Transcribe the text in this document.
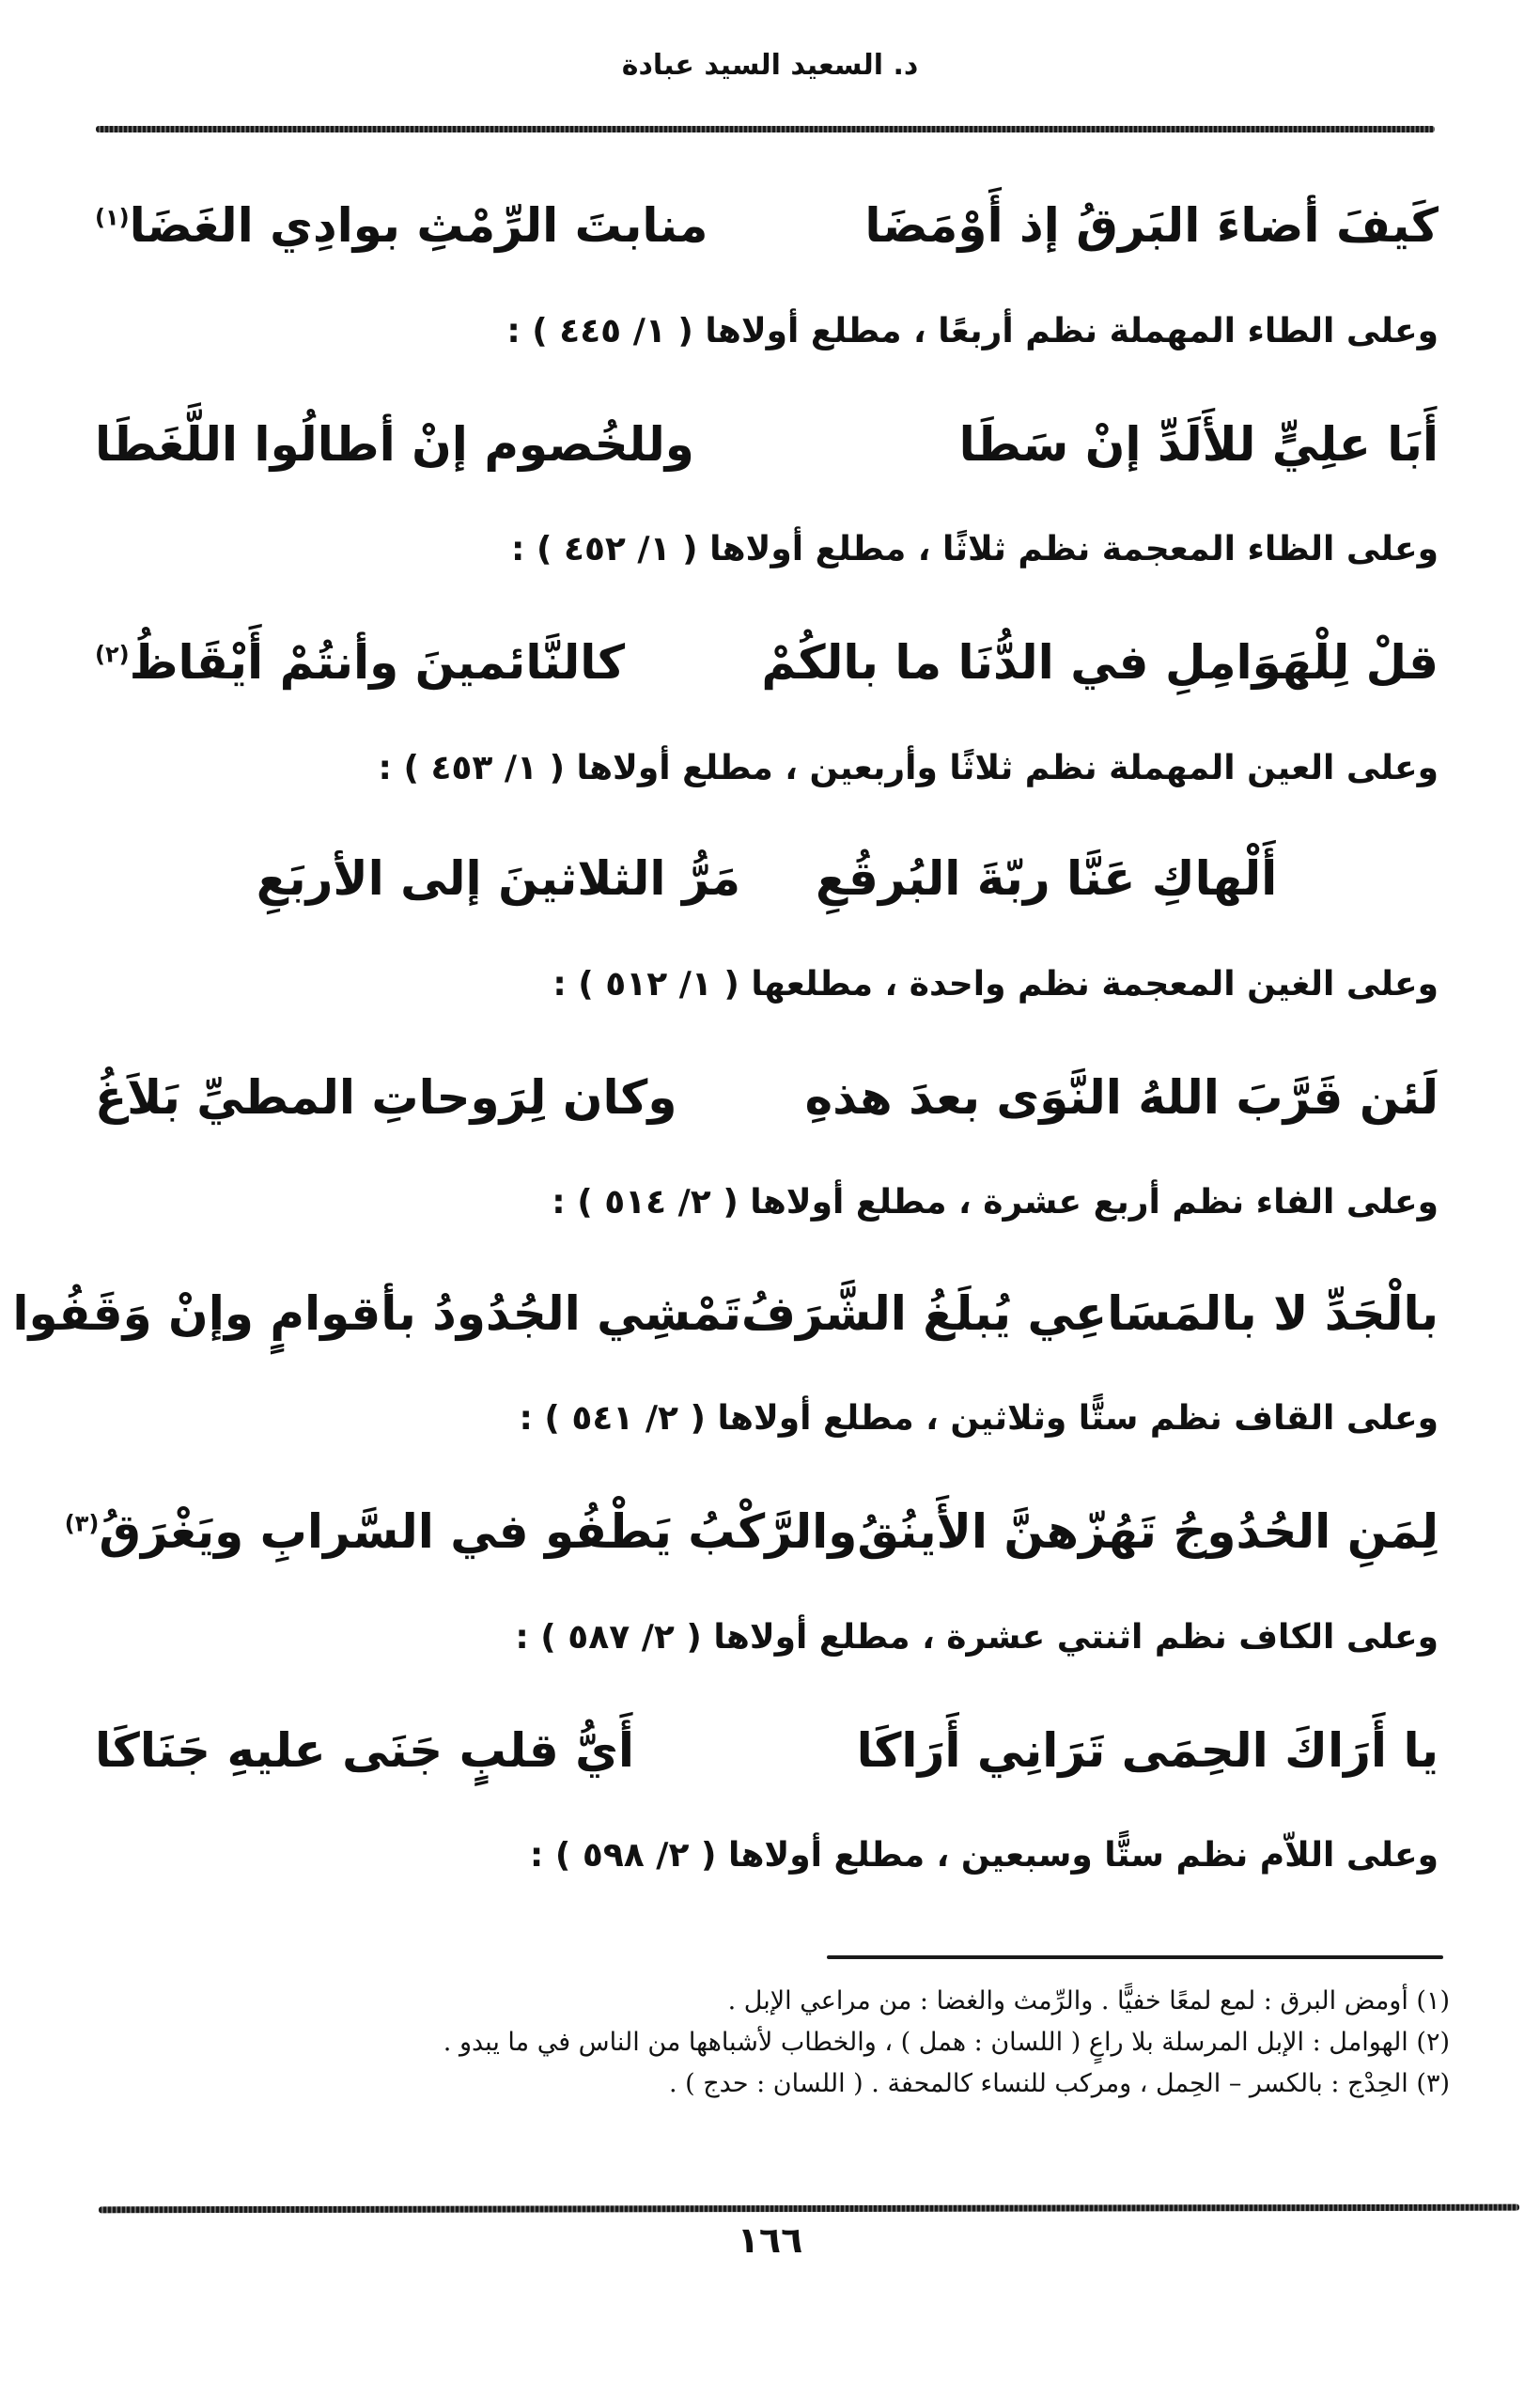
د. السعيد السيد عبادة
كَيفَ أضاءَ البَرقُ إذ أَوْمَضَا
منابتَ الرِّمْثِ بوادِي الغَضَا$^{(١)}$
وعلى الطاء المهملة نظم أربعًا ، مطلع أولاها ( ١/ ٤٤٥ ) :
أَبَا علِيٍّ للأَلَدِّ إنْ سَطَا
وللخُصوم إنْ أطالُوا اللَّغَطَا
وعلى الظاء المعجمة نظم ثلاثًا ، مطلع أولاها ( ١/ ٤٥٢ ) :
قلْ لِلْهَوَامِلِ في الدُّنَا ما بالكُمْ
كالنَّائمينَ وأنتُمْ أَيْقَاظُ$^{(٢)}$
وعلى العين المهملة نظم ثلاثًا وأربعين ، مطلع أولاها ( ١/ ٤٥٣ ) :
أَلْهاكِ عَنَّا ربّةَ البُرقُعِ
مَرُّ الثلاثينَ إلى الأربَعِ
وعلى الغين المعجمة نظم واحدة ، مطلعها ( ١/ ٥١٢ ) :
لَئن قَرَّبَ اللهُ النَّوَى بعدَ هذهِ
وكان لِرَوحاتِ المطيِّ بَلاَغُ
وعلى الفاء نظم أربع عشرة ، مطلع أولاها ( ٢/ ٥١٤ ) :
بالْجَدِّ لا بالمَسَاعِي يُبلَغُ الشَّرَفُ
تَمْشِي الجُدُودُ بأقوامٍ وإنْ وَقَفُوا
وعلى القاف نظم ستًّا وثلاثين ، مطلع أولاها ( ٢/ ٥٤١ ) :
لِمَنِ الحُدُوجُ تَهُزّهنَّ الأَينُقُ
والرَّكْبُ يَطْفُو في السَّرابِ ويَغْرَقُ$^{(٣)}$
وعلى الكاف نظم اثنتي عشرة ، مطلع أولاها ( ٢/ ٥٨٧ ) :
يا أَرَاكَ الحِمَى تَرَانِي أَرَاكَا
أَيُّ قلبٍ جَنَى عليهِ جَنَاكَا
وعلى اللاّم نظم ستًّا وسبعين ، مطلع أولاها ( ٢/ ٥٩٨ ) :
(١) أومض البرق : لمع لمعًا خفيًّا . والرِّمث والغضا : من مراعي الإبل .
(٢) الهوامل : الإبل المرسلة بلا راعٍ ( اللسان : همل ) ، والخطاب لأشباهها من الناس في ما يبدو .
(٣) الحِدْج : بالكسر – الحِمل ، ومركب للنساء كالمحفة . ( اللسان : حدج ) .
١٦٦
